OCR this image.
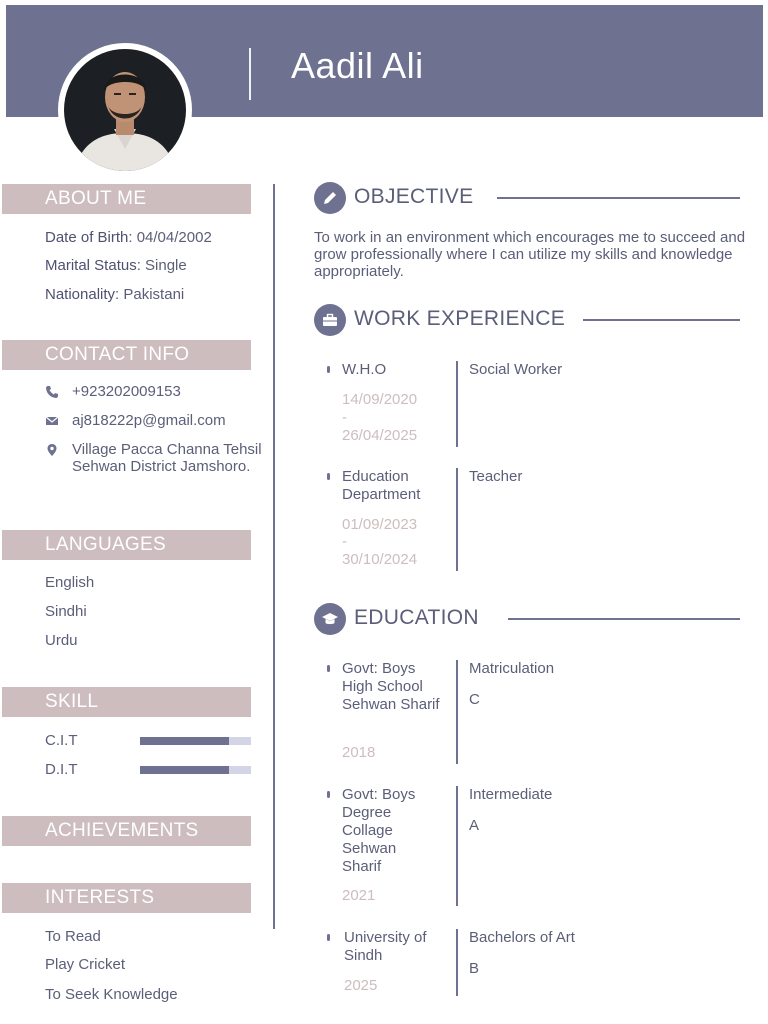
Aadil Ali
ABOUT ME
Date of Birth: 04/04/2002
Marital Status: Single
Nationality: Pakistani
CONTACT INFO
+923202009153
aj818222p@gmail.com
Village Pacca Channa Tehsil Sehwan District Jamshoro.
LANGUAGES
English
Sindhi
Urdu
SKILL
C.I.T
D.I.T
ACHIEVEMENTS
INTERESTS
To Read
Play Cricket
To Seek Knowledge
OBJECTIVE
To work in an environment which encourages me to succeed and grow professionally where I can utilize my skills and knowledge appropriately.
WORK EXPERIENCE
W.H.O
14/09/2020
-
26/04/2025
Social Worker
Education Department
01/09/2023
-
30/10/2024
Teacher
EDUCATION
Govt: Boys High School Sehwan Sharif
2018
Matriculation
C
Govt: Boys Degree Collage Sehwan Sharif
2021
Intermediate
A
University of Sindh
2025
Bachelors of Art
B
